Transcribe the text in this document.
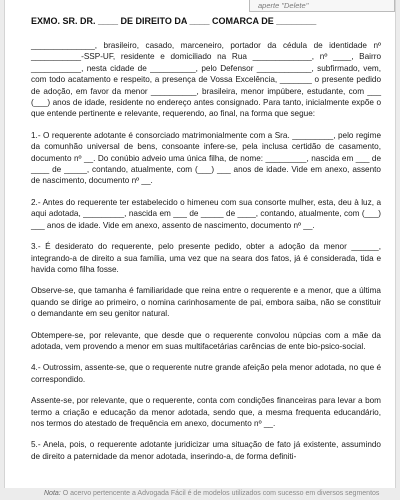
aperte "Delete"
EXMO. SR. DR. ____ DE DIREITO DA ____ COMARCA DE ________

______________, brasileiro, casado, marceneiro, portador da cédula de identidade nº ___________-SSP-UF, residente e domiciliado na Rua _____________, nº ____, Bairro ___________, nesta cidade de __________, pelo Defensor ____________, subfirmado, vem, com todo acatamento e respeito, a presença de Vossa Excelência, _______ o presente pedido de adoção, em favor da menor __________, brasileira, menor impúbere, estudante, com ___ (___) anos de idade, residente no endereço antes consignado. Para tanto, inicialmente expõe o que entende pertinente e relevante, requerendo, ao final, na forma que segue:

1.- O requerente adotante é consorciado matrimonialmente com a Sra. _________, pelo regime da comunhão universal de bens, consoante infere-se, pela inclusa certidão de casamento, documento nº __. Do conúbio adveio uma única filha, de nome: _________, nascida em ___ de ____ de _____, contando, atualmente, com (___) ___ anos de idade. Vide em anexo, assento de nascimento, documento nº __.

2.- Antes do requerente ter estabelecido o himeneu com sua consorte mulher, esta, deu à luz, a aqui adotada, _________, nascida em ___ de _____ de ____, contando, atualmente, com (___) ___ anos de idade. Vide em anexo, assento de nascimento, documento nº __.

3.- É desiderato do requerente, pelo presente pedido, obter a adoção da menor ______, integrando-a de direito a sua família, uma vez que na seara dos fatos, já é considerada, tida e havida como filha fosse.

Observe-se, que tamanha é familiaridade que reina entre o requerente e a menor, que a última quando se dirige ao primeiro, o nomina carinhosamente de pai, embora saiba, não se constituir o demandante em seu genitor natural.

Obtempere-se, por relevante, que desde que o requerente convolou núpcias com a mãe da adotada, vem provendo a menor em suas multifacetárias carências de ente bio-psico-social.

4.- Outrossim, assente-se, que o requerente nutre grande afeição pela menor adotada, no que é correspondido.

Assente-se, por relevante, que o requerente, conta com condições financeiras para levar a bom termo a criação e educação da menor adotada, sendo que, a mesma frequenta educandário, nos termos do atestado de frequência em anexo, documento nº __.

5.- Anela, pois, o requerente adotante juridicizar uma situação de fato já existente, assumindo de direito a paternidade da menor adotada, inserindo-a, de forma definiti-

Nota: O acervo pertencente a Advogada Fácil é de modelos utilizados com sucesso em diversos segmentos
